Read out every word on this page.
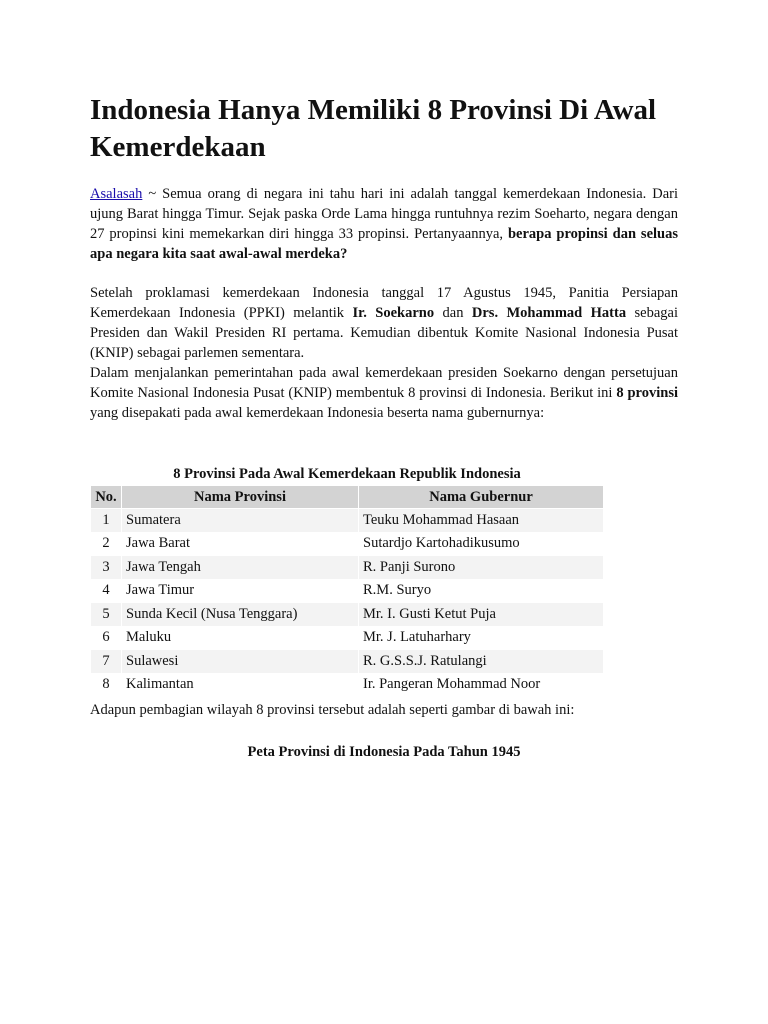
Indonesia Hanya Memiliki 8 Provinsi Di Awal Kemerdekaan

Asalasah ~ Semua orang di negara ini tahu hari ini adalah tanggal kemerdekaan Indonesia. Dari ujung Barat hingga Timur. Sejak paska Orde Lama hingga runtuhnya rezim Soeharto, negara dengan 27 propinsi kini memekarkan diri hingga 33 propinsi. Pertanyaannya, berapa propinsi dan seluas apa negara kita saat awal-awal merdeka?

Setelah proklamasi kemerdekaan Indonesia tanggal 17 Agustus 1945, Panitia Persiapan Kemerdekaan Indonesia (PPKI) melantik Ir. Soekarno dan Drs. Mohammad Hatta sebagai Presiden dan Wakil Presiden RI pertama. Kemudian dibentuk Komite Nasional Indonesia Pusat (KNIP) sebagai parlemen sementara.

Dalam menjalankan pemerintahan pada awal kemerdekaan presiden Soekarno dengan persetujuan Komite Nasional Indonesia Pusat (KNIP) membentuk 8 provinsi di Indonesia. Berikut ini 8 provinsi yang disepakati pada awal kemerdekaan Indonesia beserta nama gubernurnya:

8 Provinsi Pada Awal Kemerdekaan Republik Indonesia
No.	Nama Provinsi	Nama Gubernur
1	Sumatera	Teuku Mohammad Hasaan
2	Jawa Barat	Sutardjo Kartohadikusumo
3	Jawa Tengah	R. Panji Surono
4	Jawa Timur	R.M. Suryo
5	Sunda Kecil (Nusa Tenggara)	Mr. I. Gusti Ketut Puja
6	Maluku	Mr. J. Latuharhary
7	Sulawesi	R. G.S.S.J. Ratulangi
8	Kalimantan	Ir. Pangeran Mohammad Noor

Adapun pembagian wilayah 8 provinsi tersebut adalah seperti gambar di bawah ini:

Peta Provinsi di Indonesia Pada Tahun 1945
